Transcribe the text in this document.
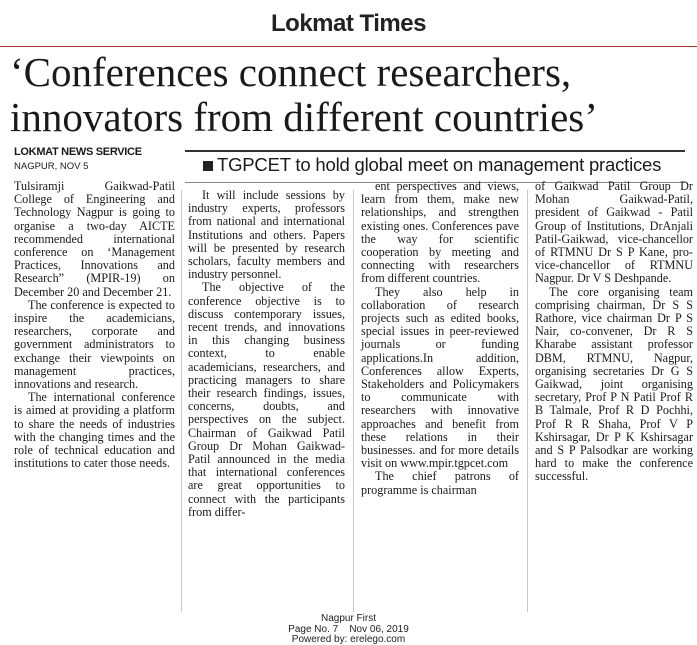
Lokmat Times
‘Conferences connect researchers,
innovators from different countries’
LOKMAT NEWS SERVICE
NAGPUR, NOV 5	TGPCET to hold global meet on management practices

Tulsiramji Gaikwad-Patil College of Engineering and Technology Nagpur is going to organise a two-day AICTE recommended international conference on ‘Management Practices, Innovations and Research” (MPIR-19) on December 20 and December 21.

The conference is expected to inspire the academicians, researchers, corporate and government administrators to exchange their viewpoints on management practices, innovations and research.

The international conference is aimed at providing a platform to share the needs of industries with the changing times and the role of technical education and institutions to cater those needs.

It will include sessions by industry experts, professors from national and international Institutions and others. Papers will be presented by research scholars, faculty members and industry personnel.

The objective of the conference objective is to discuss contemporary issues, recent trends, and innovations in this changing business context, to enable academicians, researchers, and practicing managers to share their research findings, issues, concerns, doubts, and perspectives on the subject. Chairman of Gaikwad Patil Group Dr Mohan Gaikwad-Patil announced in the media that international conferences are great opportunities to connect with the participants from differ-

ent perspectives and views, learn from them, make new relationships, and strengthen existing ones. Conferences pave the way for scientific cooperation by meeting and connecting with researchers from different countries.

They also help in collaboration of research projects such as edited books, special issues in peer-reviewed journals or funding applications.In addition, Conferences allow Experts, Stakeholders and Policymakers to communicate with researchers with innovative approaches and benefit from these relations in their businesses. and for more details visit on www.mpir.tgpcet.com

The chief patrons of programme is chairman

of Gaikwad Patil Group Dr Mohan Gaikwad-Patil, president of Gaikwad - Patil Group of Institutions, DrAnjali Patil-Gaikwad, vice-chancellor of RTMNU Dr S P Kane, pro-vice-chancellor of RTMNU Nagpur. Dr V S Deshpande.

The core organising team comprising chairman, Dr S S Rathore, vice chairman Dr P S Nair, co-convener, Dr R S Kharabe assistant professor DBM, RTMNU, Nagpur, organising secretaries Dr G S Gaikwad, joint organising secretary, Prof P N Patil Prof R B Talmale, Prof R D Pochhi, Prof R R Shaha, Prof V P Kshirsagar, Dr P K Kshirsagar and S P Palsodkar are working hard to make the conference successful.

Nagpur First
Page No. 7    Nov 06, 2019
Powered by: erelego.com
